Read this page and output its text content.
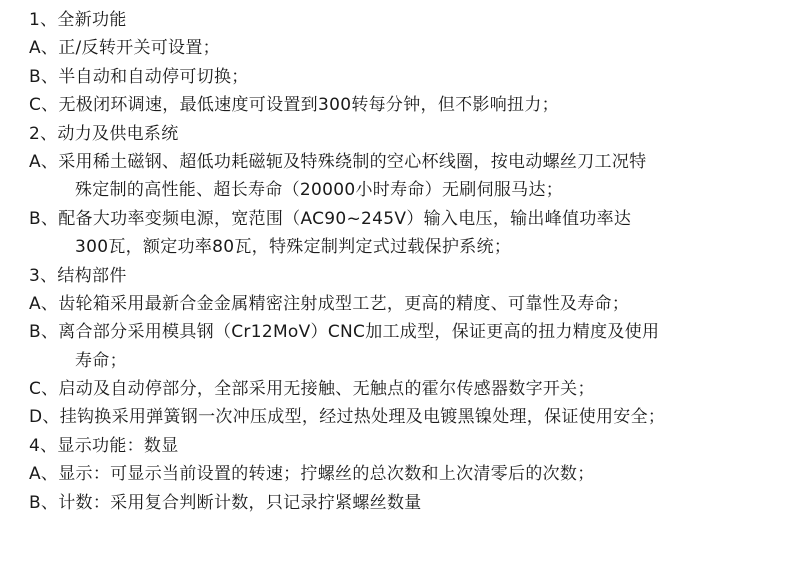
1、全新功能
A、正/反转开关可设置；
B、半自动和自动停可切换；
C、无极闭环调速，最低速度可设置到300转每分钟，但不影响扭力；
2、动力及供电系统
A、采用稀土磁钢、超低功耗磁轭及特殊绕制的空心杯线圈，按电动螺丝刀工况特
殊定制的高性能、超长寿命（20000小时寿命）无刷伺服马达；
B、配备大功率变频电源，宽范围（AC90~245V）输入电压，输出峰值功率达
300瓦，额定功率80瓦，特殊定制判定式过载保护系统；
3、结构部件
A、齿轮箱采用最新合金金属精密注射成型工艺，更高的精度、可靠性及寿命；
B、离合部分采用模具钢（Cr12MoV）CNC加工成型，保证更高的扭力精度及使用
寿命；
C、启动及自动停部分，全部采用无接触、无触点的霍尔传感器数字开关；
D、挂钩换采用弹簧钢一次冲压成型，经过热处理及电镀黑镍处理，保证使用安全；
4、显示功能：数显
A、显示：可显示当前设置的转速；拧螺丝的总次数和上次清零后的次数；
B、计数：采用复合判断计数，只记录拧紧螺丝数量
